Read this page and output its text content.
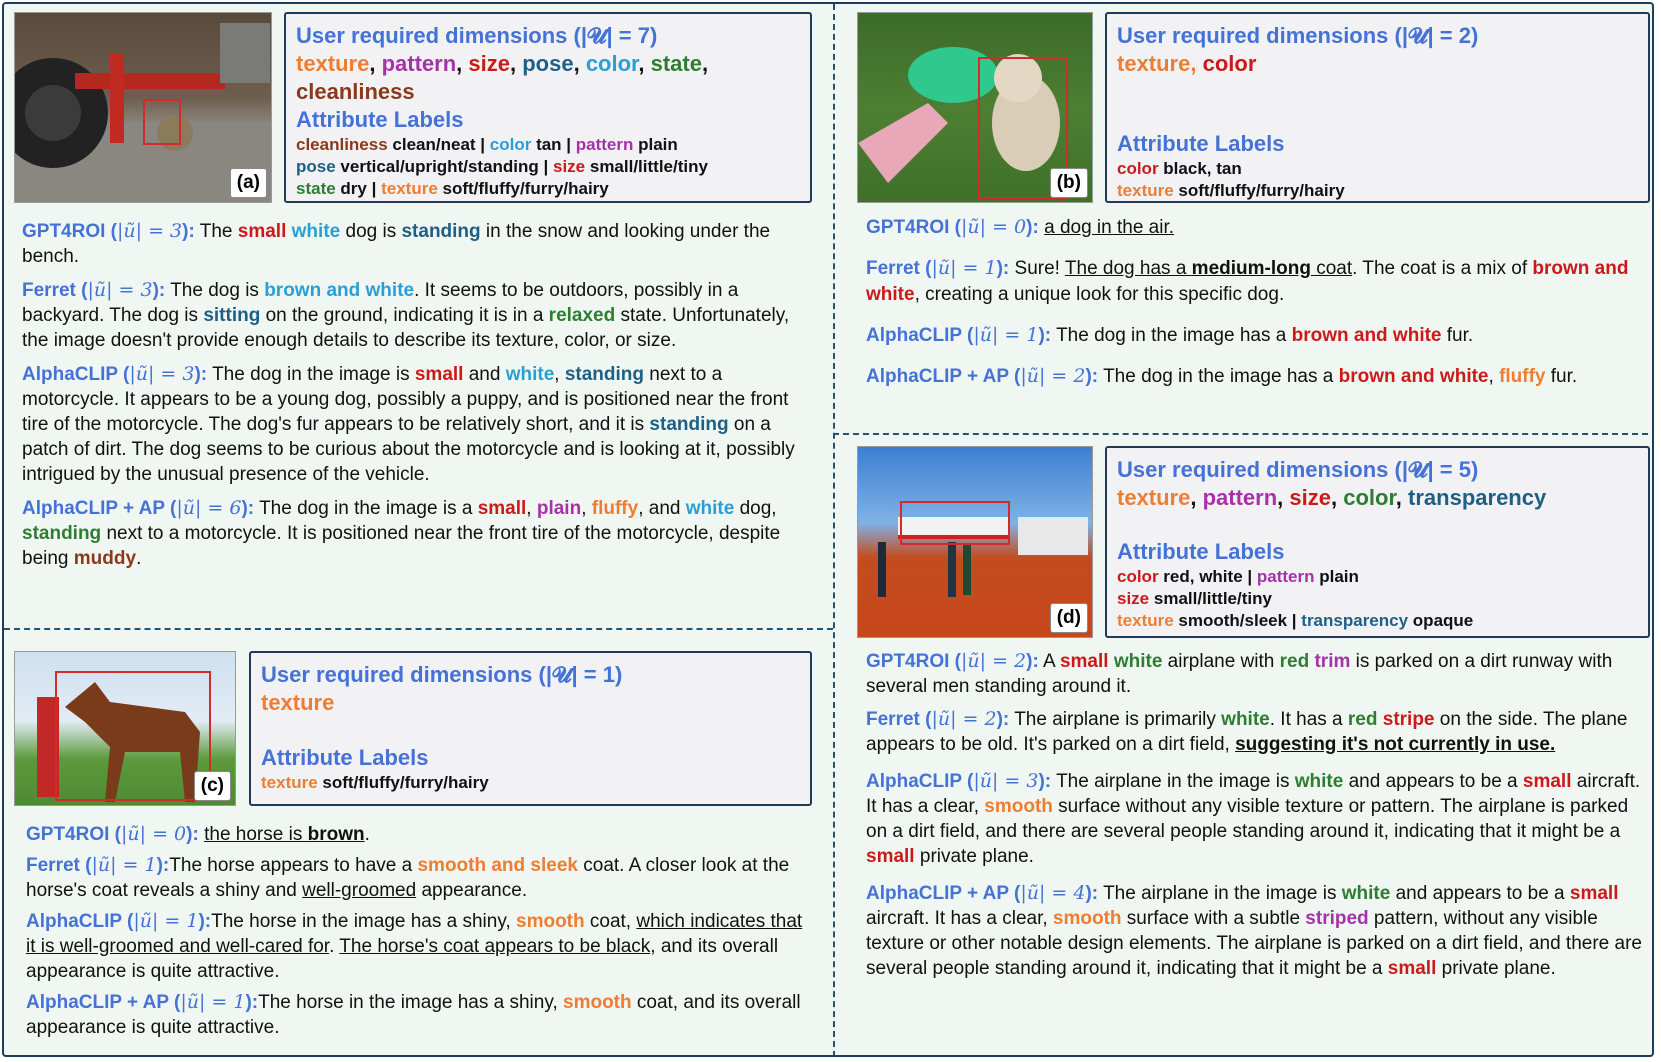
(a)
User required dimensions (|𝓤| = 7)
texture, pattern, size, pose, color, state,
cleanliness
Attribute Labels
cleanliness clean/neat | color tan | pattern plain
pose vertical/upright/standing | size small/little/tiny
state dry | texture soft/fluffy/furry/hairy

GPT4ROI (|ũ| = 3): The small white dog is standing in the snow and looking under the bench.

Ferret (|ũ| = 3): The dog is brown and white. It seems to be outdoors, possibly in a backyard. The dog is sitting on the ground, indicating it is in a relaxed state. Unfortunately, the image doesn't provide enough details to describe its texture, color, or size.

AlphaCLIP (|ũ| = 3): The dog in the image is small and white, standing next to a motorcycle. It appears to be a young dog, possibly a puppy, and is positioned near the front tire of the motorcycle. The dog's fur appears to be relatively short, and it is standing on a patch of dirt. The dog seems to be curious about the motorcycle and is looking at it, possibly intrigued by the unusual presence of the vehicle.

AlphaCLIP + AP (|ũ| = 6): The dog in the image is a small, plain, fluffy, and white dog, standing next to a motorcycle. It is positioned near the front tire of the motorcycle, despite being muddy.

(b)
User required dimensions (|𝓤| = 2)
texture, color
Attribute Labels
color black, tan
texture soft/fluffy/furry/hairy

GPT4ROI (|ũ| = 0): a dog in the air.

Ferret (|ũ| = 1): Sure! The dog has a medium-long coat. The coat is a mix of brown and white, creating a unique look for this specific dog.

AlphaCLIP (|ũ| = 1): The dog in the image has a brown and white fur.

AlphaCLIP + AP (|ũ| = 2): The dog in the image has a brown and white, fluffy fur.

(c)
User required dimensions (|𝓤| = 1)
texture
Attribute Labels
texture soft/fluffy/furry/hairy

GPT4ROI (|ũ| = 0): the horse is brown.

Ferret (|ũ| = 1):The horse appears to have a smooth and sleek coat. A closer look at the horse's coat reveals a shiny and well-groomed appearance.

AlphaCLIP (|ũ| = 1):The horse in the image has a shiny, smooth coat, which indicates that it is well-groomed and well-cared for. The horse's coat appears to be black, and its overall appearance is quite attractive.

AlphaCLIP + AP (|ũ| = 1):The horse in the image has a shiny, smooth coat, and its overall appearance is quite attractive.

(d)
User required dimensions (|𝓤| = 5)
texture, pattern, size, color, transparency
Attribute Labels
color red, white | pattern plain
size small/little/tiny
texture smooth/sleek | transparency opaque

GPT4ROI (|ũ| = 2): A small white airplane with red trim is parked on a dirt runway with several men standing around it.

Ferret (|ũ| = 2): The airplane is primarily white. It has a red stripe on the side. The plane appears to be old. It's parked on a dirt field, suggesting it's not currently in use.

AlphaCLIP (|ũ| = 3): The airplane in the image is white and appears to be a small aircraft. It has a clear, smooth surface without any visible texture or pattern. The airplane is parked on a dirt field, and there are several people standing around it, indicating that it might be a small private plane.

AlphaCLIP + AP (|ũ| = 4): The airplane in the image is white and appears to be a small aircraft. It has a clear, smooth surface with a subtle striped pattern, without any visible texture or other notable design elements. The airplane is parked on a dirt field, and there are several people standing around it, indicating that it might be a small private plane.
